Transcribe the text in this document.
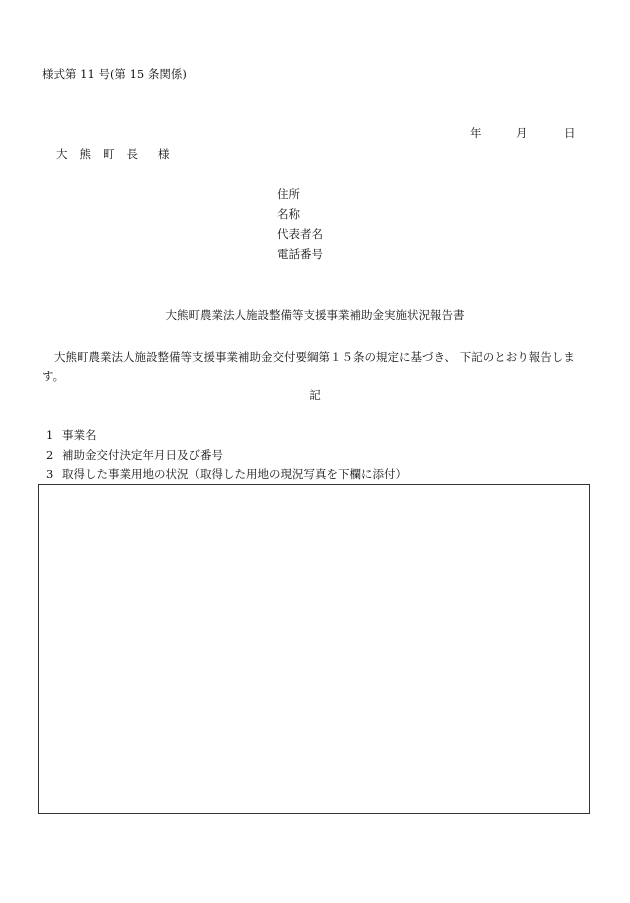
様式第 11 号(第 15 条関係)
年	月	日
大 熊 町 長 様
住所
名称
代表者名
電話番号
大熊町農業法人施設整備等支援事業補助金実施状況報告書
大熊町農業法人施設整備等支援事業補助金交付要綱第１５条の規定に基づき、 下記のとおり報告します。
記
1 事業名
2 補助金交付決定年月日及び番号
3 取得した事業用地の状況（取得した用地の現況写真を下欄に添付）
